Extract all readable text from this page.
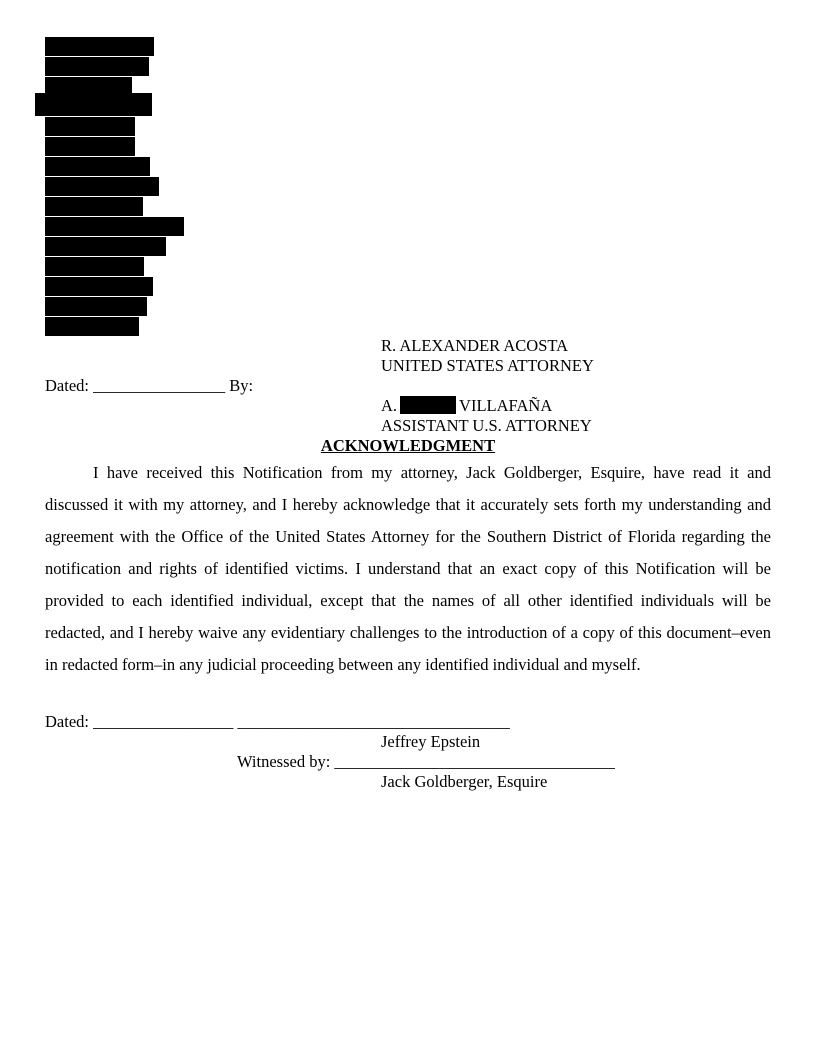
R. ALEXANDER ACOSTA
UNITED STATES ATTORNEY
Dated: ________________ By:
A.	VILLAFAÑA
ASSISTANT U.S. ATTORNEY
ACKNOWLEDGMENT
I have received this Notification from my attorney, Jack Goldberger, Esquire, have read it and discussed it with my attorney, and I hereby acknowledge that it accurately sets forth my understanding and agreement with the Office of the United States Attorney for the Southern District of Florida regarding the notification and rights of identified victims. I understand that an exact copy of this Notification will be provided to each identified individual, except that the names of all other identified individuals will be redacted, and I hereby waive any evidentiary challenges to the introduction of a copy of this document–even in redacted form–in any judicial proceeding between any identified individual and myself.
Dated: _________________ _________________________________
Jeffrey Epstein
Witnessed by: __________________________________
Jack Goldberger, Esquire
